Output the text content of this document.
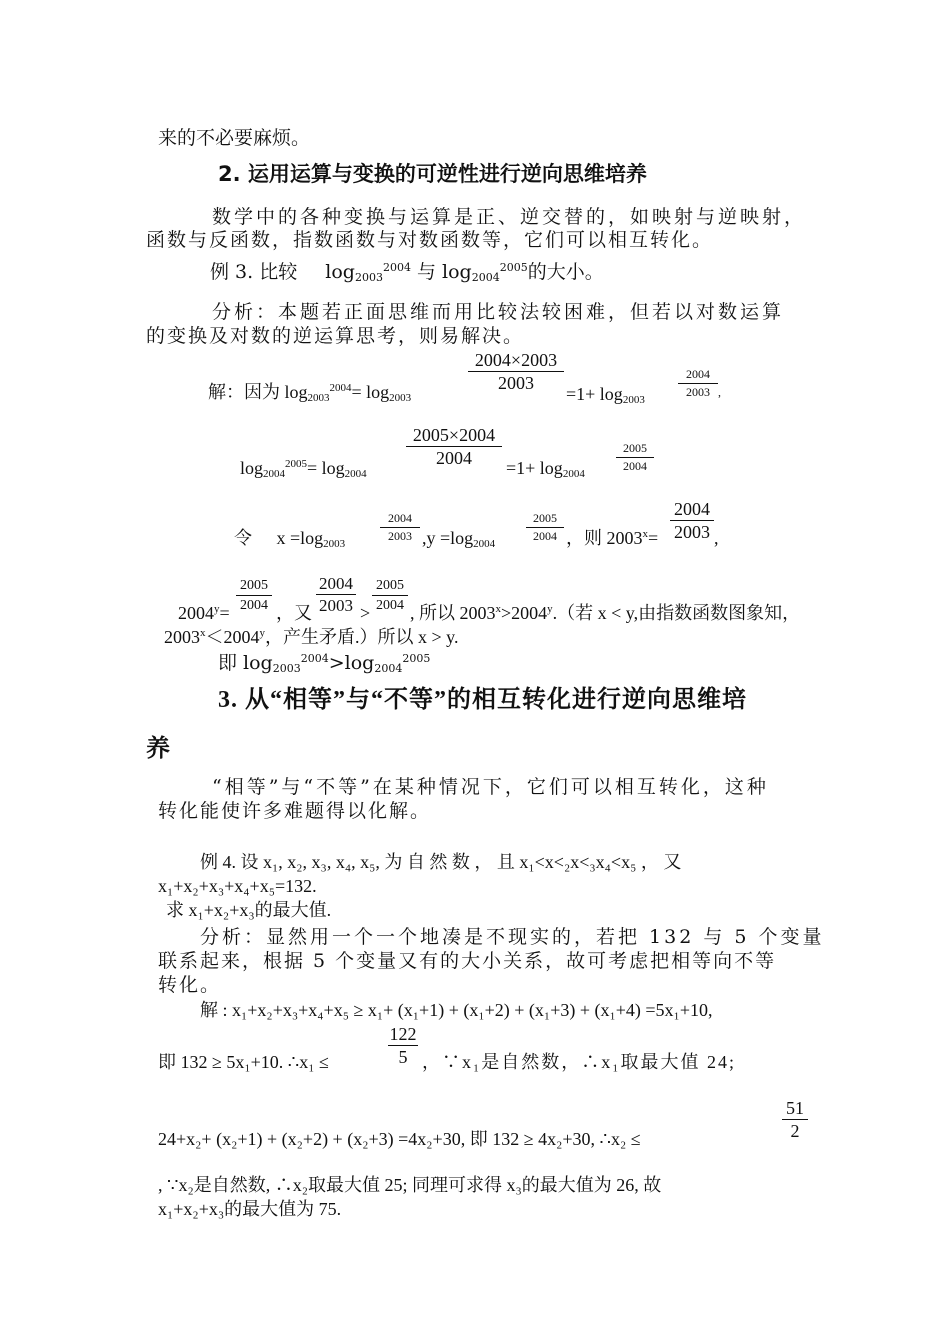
来的不必要麻烦。
2. 运用运算与变换的可逆性进行逆向思维培养
数学中的各种变换与运算是正、逆交替的，如映射与逆映射，
函数与反函数，指数函数与对数函数等，它们可以相互转化。
例 3. 比较 $\log_{2003}^{2004}$ 与 $\log_{2004}^{2005}$的大小。
分析：本题若正面思维而用比较法较困难，但若以对数运算
的变换及对数的逆运算思考，则易解决。
解：因为 $\log_{2003}^{2004}= \log_{2003}$
2004×2003
2003
$=1+ \log_{2003}$
2004
2003 ,
$\log_{2004}^{2005}= \log_{2004}$
2005×2004
2004	$=1+ \log_{2004}$
2005
2004
令 $x =\log_{2003}$
2004
2003 $,y =\log_{2004}$
2005
2004 ，则 $2003^x=$
2004
2003 ,
$2004^y=$
2005
2004 ，又
2004
2003 >
2005
2004 , 所以 $2003^x>2004^y$.（若 x < y,由指数函数图象知，
$2003^x<2004^y$，产生矛盾.）所以 x > y.
即 $\log_{2003}^{2004}>\log_{2004}^{2005}$
3. 从“相等”与“不等”的相互转化进行逆向思维培
养
“相等”与“不等”在某种情况下，它们可以相互转化，这种
转化能使许多难题得以化解。
例 4. 设 x₁, x₂, x₃, x₄, x₅, 为 自 然 数 ， 且 x₁<x<₂x<₃x₄<x₅ ， 又
x₁+x₂+x₃+x₄+x₅=132.
求 x₁+x₂+x₃的最大值.
分析：显然用一个一个地凑是不现实的，若把 132 与 5 个变量
联系起来，根据 5 个变量又有的大小关系，故可考虑把相等向不等
转化。
解 : x₁+x₂+x₃+x₄+x₅ ≥ x₁+ (x₁+1) + (x₁+2) + (x₁+3) + (x₁+4) =5x₁+10,
即 132 ≥ 5x₁+10. ∴x₁ ≤
122
5 ，∵x₁是自然数，∴x₁取最大值 24;
24+x₂+ (x₂+1) + (x₂+2) + (x₂+3) =4x₂+30, 即 132 ≥ 4x₂+30, ∴x₂ ≤
51
2
, ∵x₂是自然数, ∴x₂取最大值 25; 同理可求得 x₃的最大值为 26, 故
x₁+x₂+x₃的最大值为 75.
